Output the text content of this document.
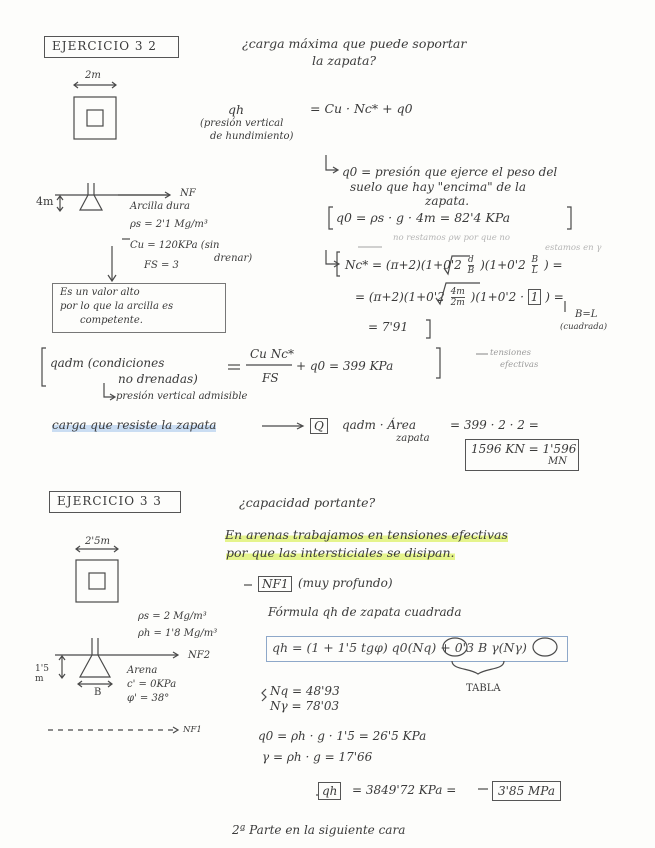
EJERCICIO 3 2	¿carga máxima que puede soportar
la zapata?
2m
qh	= Cu · Nc* + q0
(presión vertical
de hundimiento)
q0 = presión que ejerce el peso del
suelo que hay "encima" de la
zapata.
4m
NF
Arcilla dura
ρs = 2'1 Mg/m³
Cu = 120KPa (sin
drenar)
FS = 3
q0 = ρs · g · 4m = 82'4 KPa
no restamos ρw por que no
estamos en γ
$Nc* = (\pi+2)(1+0'2 \frac{d}{B} )(1+0'2 \frac{B}{L}$ ) =
= $(\pi+2)(1+0'2 \frac{4m}{2m} )(1+0'2 \cdot 1$ ) =
B=L
(cuadrada)
= 7'91
Es un valor alto
por lo que la arcilla es
competente.
qadm (condiciones
no drenadas)
Cu Nc*
FS
+ q0 = 399 KPa
tensiones
efectivas
presión vertical admisible
carga que resiste la zapata	Q	qadm · Área
zapata
= 399 · 2 · 2 =
1596 KN = 1'596
MN
EJERCICIO 3 3	¿capacidad portante?
En arenas trabajamos en tensiones efectivas
por que las intersticiales se disipan.
2'5m
NF1 (muy profundo)
Fórmula qh de zapata cuadrada
ρs = 2 Mg/m³
ρh = 1'8 Mg/m³
NF2
1'5 m
Arena
c' = 0KPa
B
φ' = 38°
NF1
qh = (1 + 1'5 tgφ) q0(Nq) + 0'3 B γ(Nγ)
TABLA
Nq = 48'93
Nγ = 78'03
q0 = ρh · g · 1'5 = 26'5 KPa
γ = ρh · g = 17'66
qh	= 3849'72 KPa =	3'85 MPa
2ª Parte en la siguiente cara
